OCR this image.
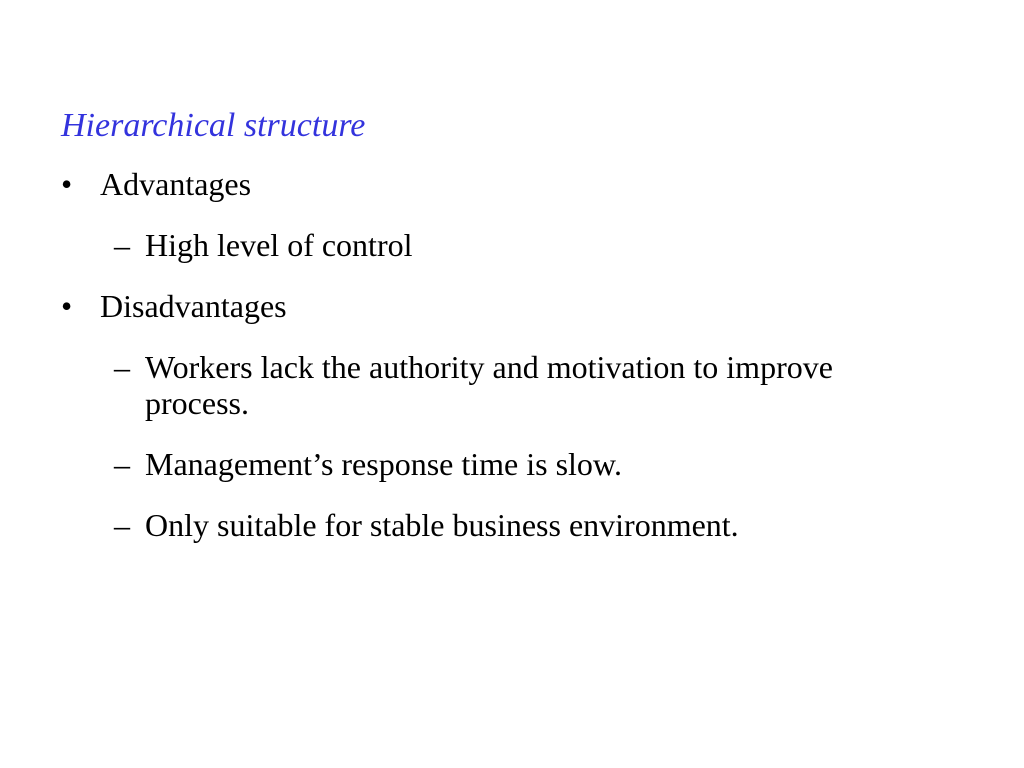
Hierarchical structure
• Advantages
– High level of control
• Disadvantages
– Workers lack the authority and motivation to improve process.
– Management’s response time is slow.
– Only suitable for stable business environment.
